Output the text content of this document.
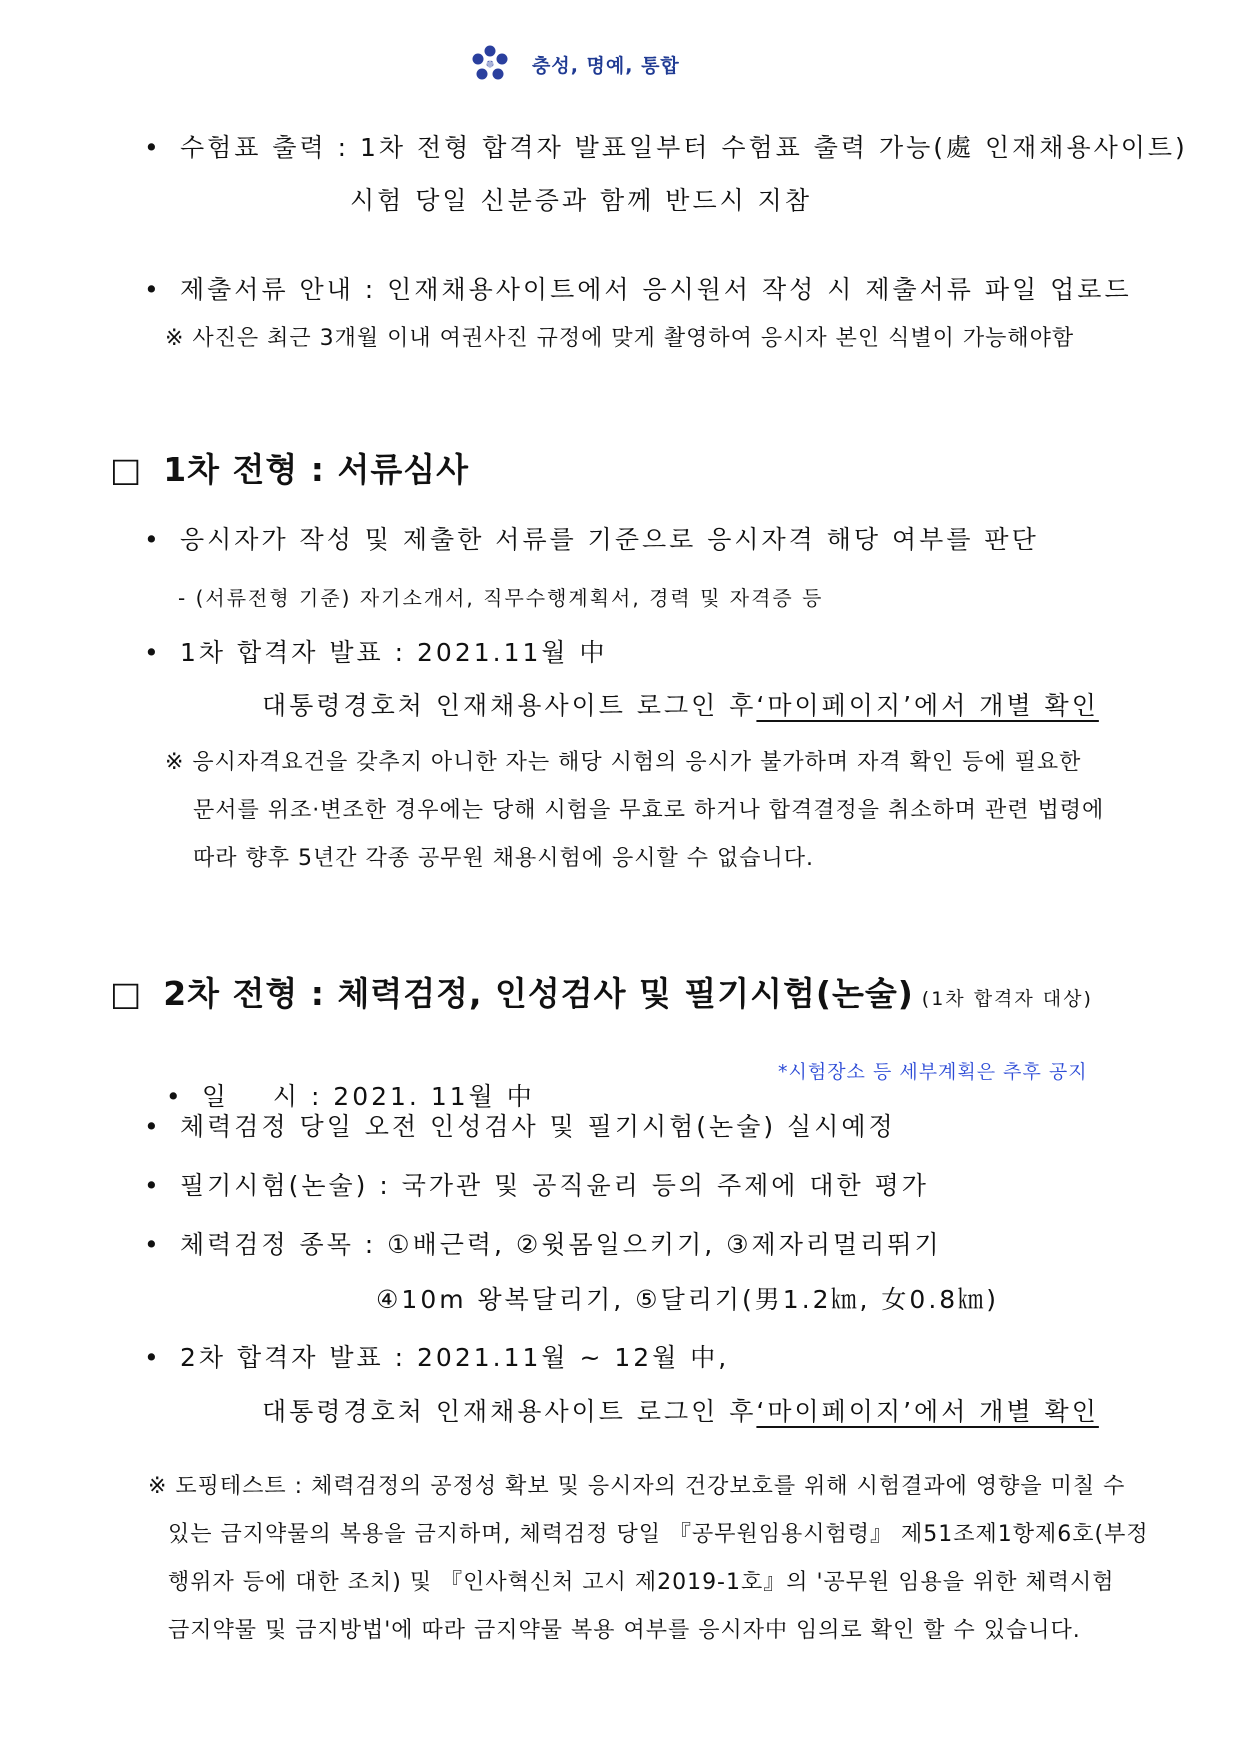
충성, 명예, 통합
• 수험표 출력 : 1차 전형 합격자 발표일부터 수험표 출력 가능(處 인재채용사이트)
시험 당일 신분증과 함께 반드시 지참
• 제출서류 안내 : 인재채용사이트에서 응시원서 작성 시 제출서류 파일 업로드
※ 사진은 최근 3개월 이내 여권사진 규정에 맞게 촬영하여 응시자 본인 식별이 가능해야함
□ 1차 전형 : 서류심사
• 응시자가 작성 및 제출한 서류를 기준으로 응시자격 해당 여부를 판단
- (서류전형 기준) 자기소개서, 직무수행계획서, 경력 및 자격증 등
• 1차 합격자 발표 : 2021.11월 中
대통령경호처 인재채용사이트 로그인 후‘마이페이지’에서 개별 확인
※ 응시자격요건을 갖추지 아니한 자는 해당 시험의 응시가 불가하며 자격 확인 등에 필요한
문서를 위조·변조한 경우에는 당해 시험을 무효로 하거나 합격결정을 취소하며 관련 법령에
따라 향후 5년간 각종 공무원 채용시험에 응시할 수 없습니다.
□ 2차 전형 : 체력검정, 인성검사 및 필기시험(논술) (1차 합격자 대상)

• 일    시 : 2021. 11월 中

*시험장소 등 세부계획은 추후 공지
• 체력검정 당일 오전 인성검사 및 필기시험(논술) 실시예정
• 필기시험(논술) : 국가관 및 공직윤리 등의 주제에 대한 평가
• 체력검정 종목 : ①배근력, ②윗몸일으키기, ③제자리멀리뛰기
④10m 왕복달리기, ⑤달리기(男1.2㎞, 女0.8㎞)
• 2차 합격자 발표 : 2021.11월 ~ 12월 中,
대통령경호처 인재채용사이트 로그인 후‘마이페이지’에서 개별 확인
※ 도핑테스트 : 체력검정의 공정성 확보 및 응시자의 건강보호를 위해 시험결과에 영향을 미칠 수
있는 금지약물의 복용을 금지하며, 체력검정 당일 『공무원임용시험령』 제51조제1항제6호(부정
행위자 등에 대한 조치) 및 『인사혁신처 고시 제2019-1호』의 '공무원 임용을 위한 체력시험
금지약물 및 금지방법'에 따라 금지약물 복용 여부를 응시자中 임의로 확인 할 수 있습니다.
